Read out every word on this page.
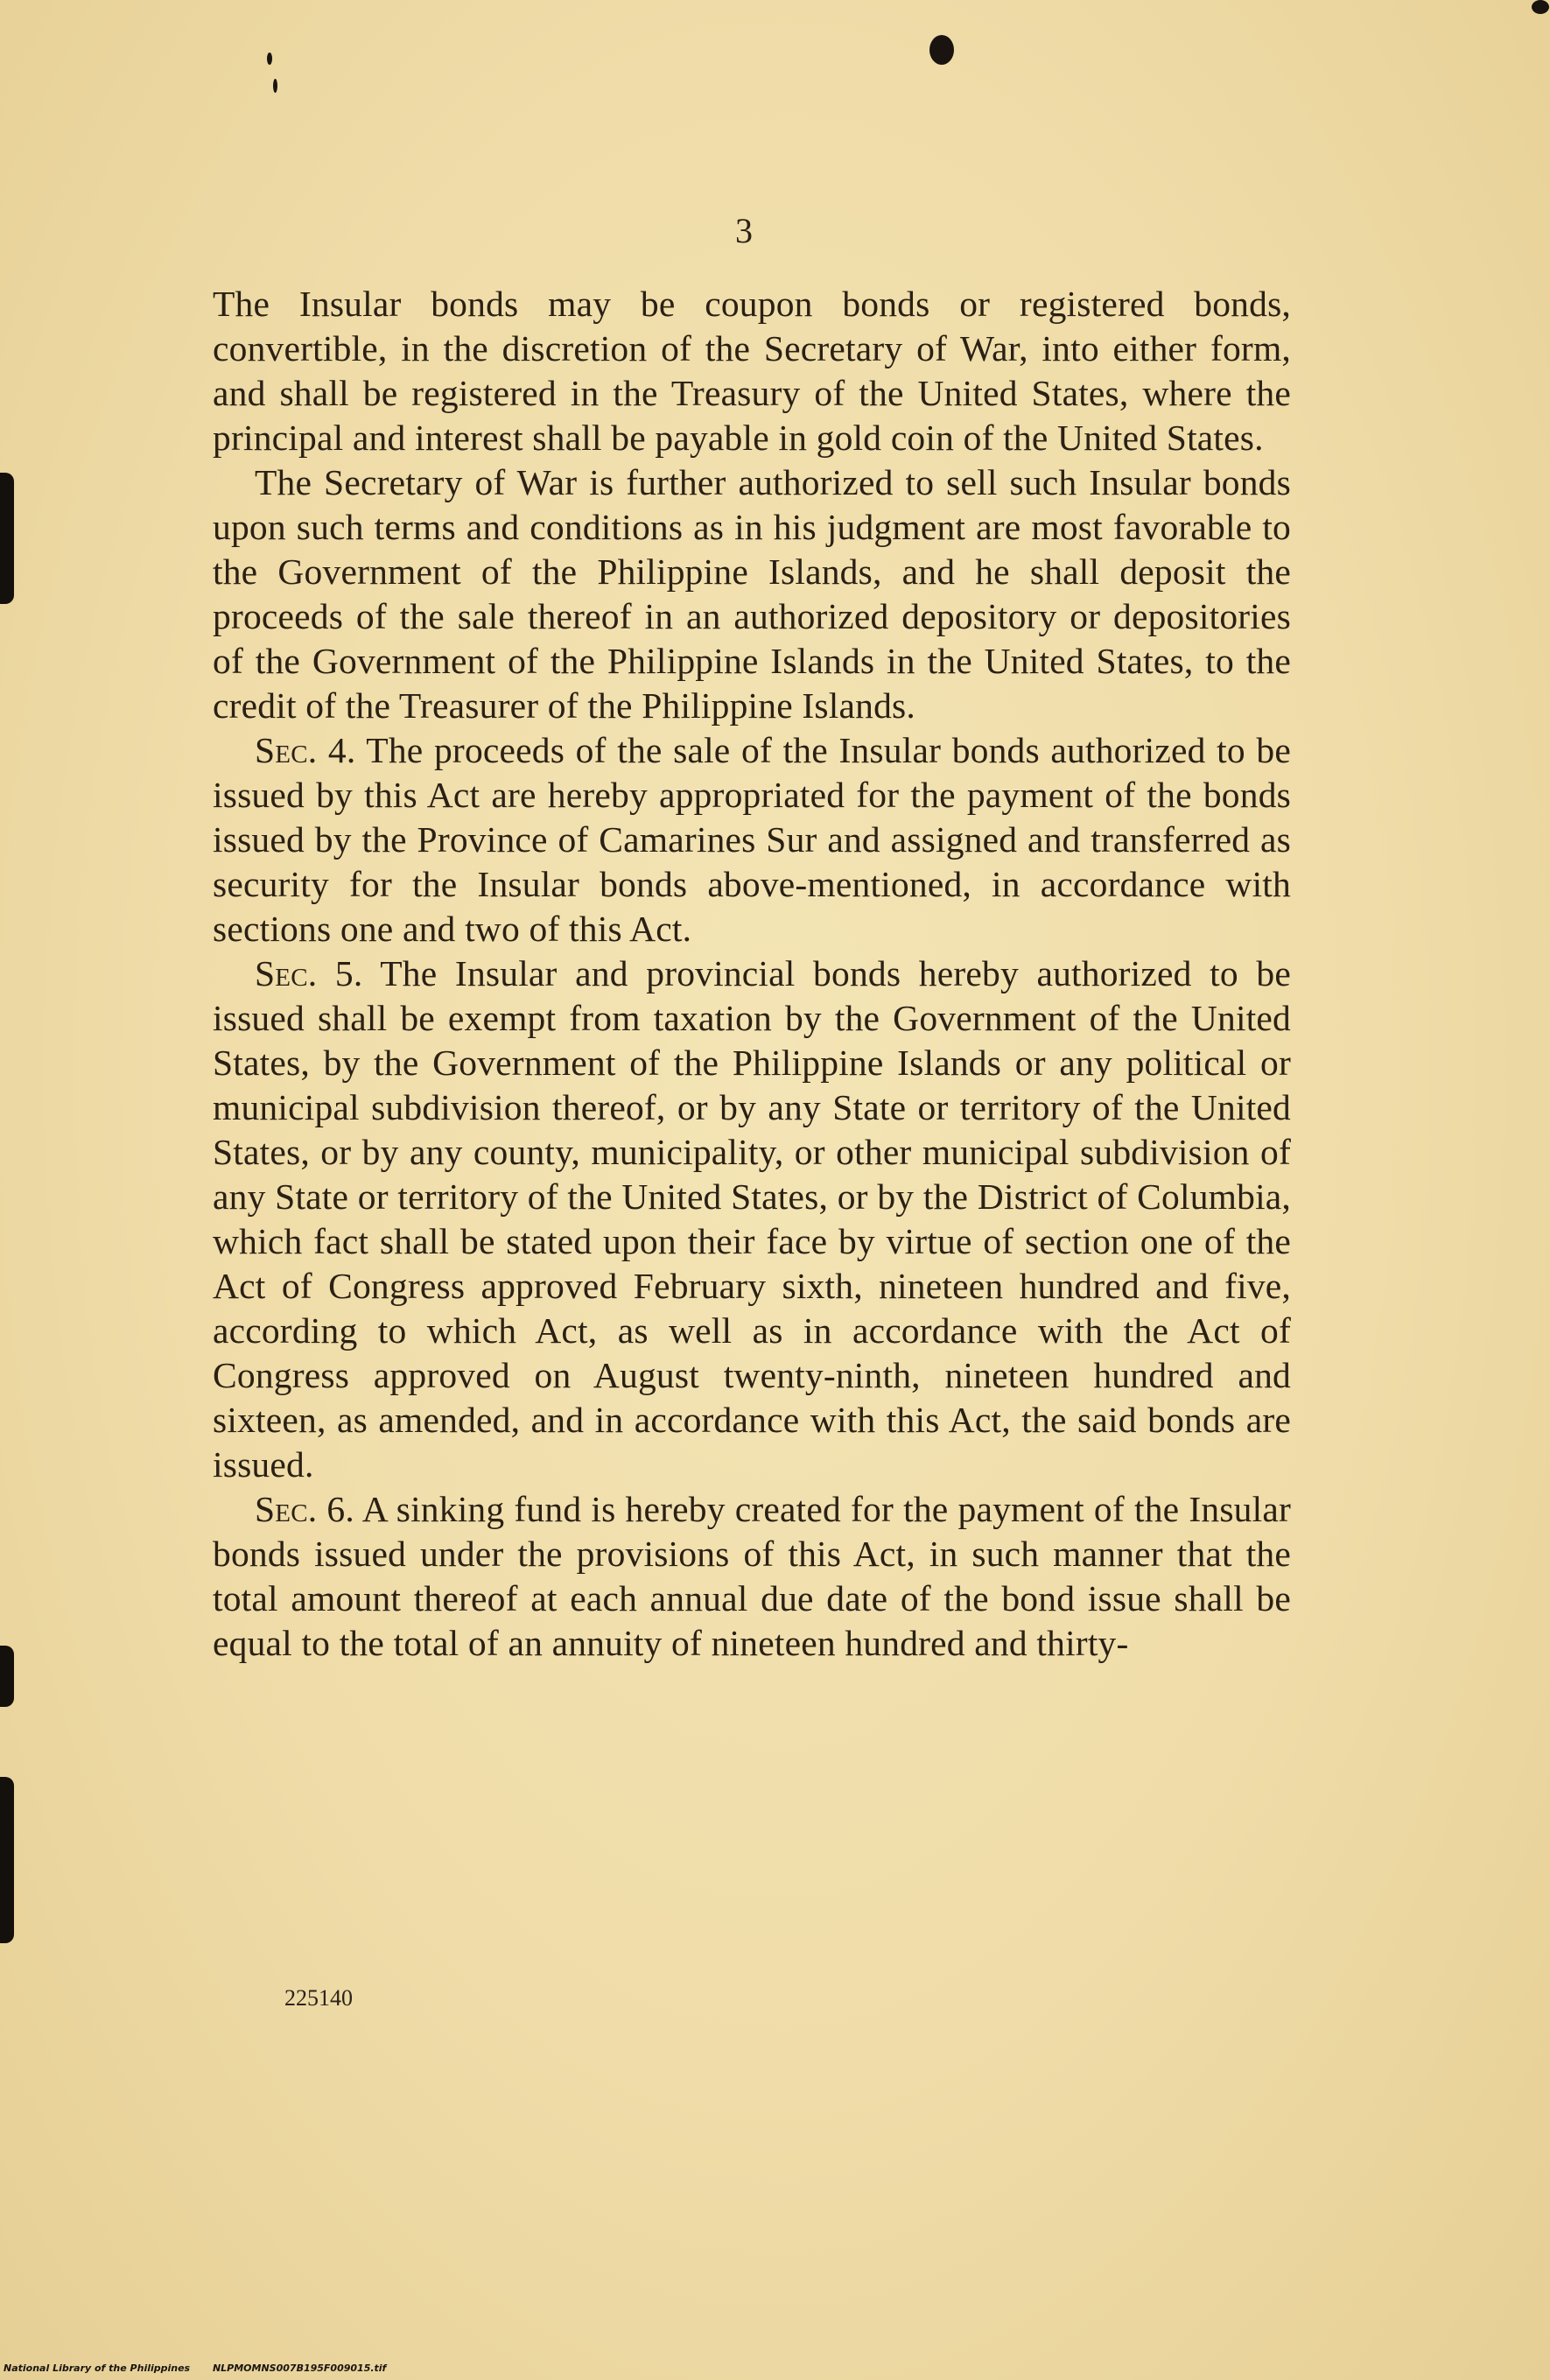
3

The Insular bonds may be coupon bonds or registered bonds, convertible, in the discretion of the Secretary of War, into either form, and shall be registered in the Treasury of the United States, where the principal and interest shall be payable in gold coin of the United States.

The Secretary of War is further authorized to sell such Insular bonds upon such terms and conditions as in his judgment are most favorable to the Government of the Philippine Islands, and he shall deposit the proceeds of the sale thereof in an authorized depository or depositories of the Government of the Philippine Islands in the United States, to the credit of the Treasurer of the Philippine Islands.

Sec. 4. The proceeds of the sale of the Insular bonds authorized to be issued by this Act are hereby appropriated for the payment of the bonds issued by the Province of Camarines Sur and assigned and transferred as security for the Insular bonds above-mentioned, in accordance with sections one and two of this Act.

Sec. 5. The Insular and provincial bonds hereby authorized to be issued shall be exempt from taxation by the Government of the United States, by the Government of the Philippine Islands or any political or municipal subdivision thereof, or by any State or territory of the United States, or by any county, municipality, or other municipal subdivision of any State or territory of the United States, or by the District of Columbia, which fact shall be stated upon their face by virtue of section one of the Act of Congress approved February sixth, nineteen hundred and five, according to which Act, as well as in accordance with the Act of Congress approved on August twenty-ninth, nineteen hundred and sixteen, as amended, and in accordance with this Act, the said bonds are issued.

Sec. 6. A sinking fund is hereby created for the payment of the Insular bonds issued under the provisions of this Act, in such manner that the total amount thereof at each annual due date of the bond issue shall be equal to the total of an annuity of nineteen hundred and thirty-

225140
National Library of the Philippines NLPMOMNS007B195F009015.tif
